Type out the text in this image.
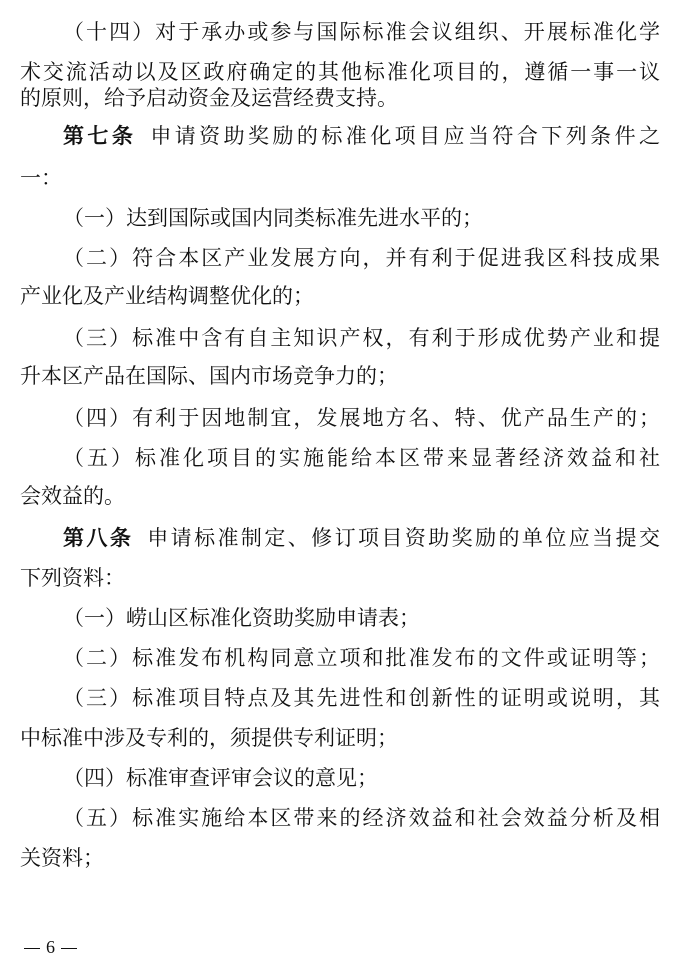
（十四）对于承办或参与国际标准会议组织、开展标准化学
术交流活动以及区政府确定的其他标准化项目的，遵循一事一议
的原则，给予启动资金及运营经费支持。
第七条 申请资助奖励的标准化项目应当符合下列条件之
一：
（一）达到国际或国内同类标准先进水平的；
（二）符合本区产业发展方向，并有利于促进我区科技成果
产业化及产业结构调整优化的；
（三）标准中含有自主知识产权，有利于形成优势产业和提
升本区产品在国际、国内市场竞争力的；
（四）有利于因地制宜，发展地方名、特、优产品生产的；
（五）标准化项目的实施能给本区带来显著经济效益和社
会效益的。
第八条 申请标准制定、修订项目资助奖励的单位应当提交
下列资料：
（一）崂山区标准化资助奖励申请表；
（二）标准发布机构同意立项和批准发布的文件或证明等；
（三）标准项目特点及其先进性和创新性的证明或说明，其
中标准中涉及专利的，须提供专利证明；
（四）标准审查评审会议的意见；
（五）标准实施给本区带来的经济效益和社会效益分析及相
关资料；
6
